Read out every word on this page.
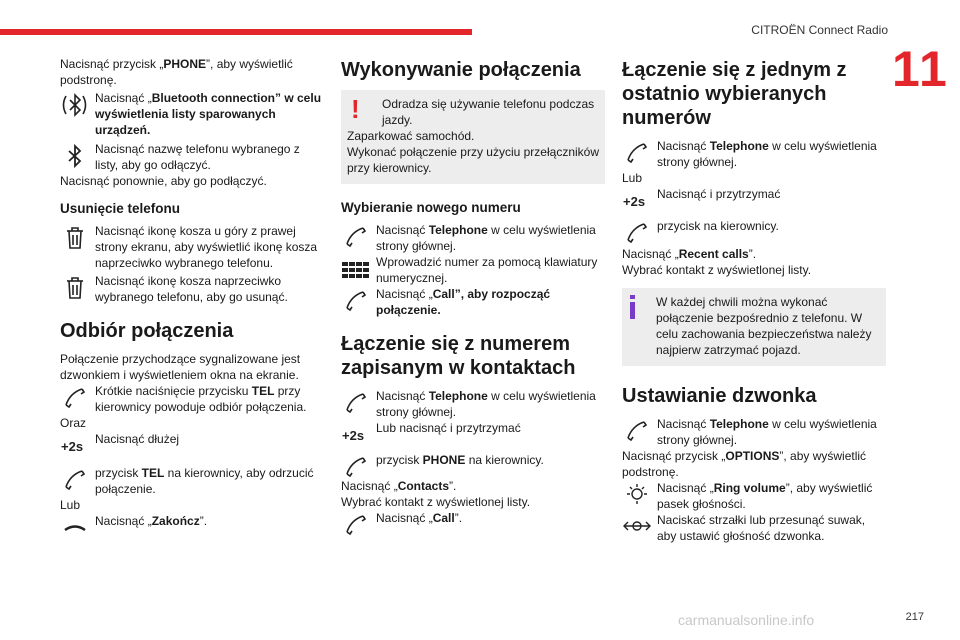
CITROËN Connect Radio
11

Nacisnąć przycisk „PHONE”, aby wyświetlić podstronę.

Nacisnąć „Bluetooth connection” w celu wyświetlenia listy sparowanych urządzeń.

Nacisnąć nazwę telefonu wybranego z listy, aby go odłączyć.

Nacisnąć ponownie, aby go podłączyć.

Usunięcie telefonu

Nacisnąć ikonę kosza u góry z prawej strony ekranu, aby wyświetlić ikonę kosza naprzeciwko wybranego telefonu.

Nacisnąć ikonę kosza naprzeciwko wybranego telefonu, aby go usunąć.

Odbiór połączenia

Połączenie przychodzące sygnalizowane jest dzwonkiem i wyświetleniem okna na ekranie.

Krótkie naciśnięcie przycisku TEL przy kierownicy powoduje odbiór połączenia.

Oraz

+2s Nacisnąć dłużej

przycisk TEL na kierownicy, aby odrzucić połączenie.

Lub

Nacisnąć „Zakończ”.

Wykonywanie połączenia
!	Odradza się używanie telefonu podczas jazdy.

Zaparkować samochód.

Wykonać połączenie przy użyciu przełączników przy kierownicy.

Wybieranie nowego numeru

Nacisnąć Telephone w celu wyświetlenia strony głównej.

Wprowadzić numer za pomocą klawiatury numerycznej.

Nacisnąć „Call”, aby rozpocząć połączenie.

Łączenie się z numerem zapisanym w kontaktach

Nacisnąć Telephone w celu wyświetlenia strony głównej.

+2s Lub nacisnąć i przytrzymać

przycisk PHONE na kierownicy.

Nacisnąć „Contacts”.

Wybrać kontakt z wyświetlonej listy.

Nacisnąć „Call”.

Łączenie się z jednym z ostatnio wybieranych numerów

Nacisnąć Telephone w celu wyświetlenia strony głównej.

Lub

+2s Nacisnąć i przytrzymać

przycisk na kierownicy.

Nacisnąć „Recent calls”.

Wybrać kontakt z wyświetlonej listy.

W każdej chwili można wykonać połączenie bezpośrednio z telefonu. W celu zachowania bezpieczeństwa należy najpierw zatrzymać pojazd.

Ustawianie dzwonka

Nacisnąć Telephone w celu wyświetlenia strony głównej.

Nacisnąć przycisk „OPTIONS”, aby wyświetlić podstronę.

Nacisnąć „Ring volume”, aby wyświetlić pasek głośności.

Naciskać strzałki lub przesunąć suwak, aby ustawić głośność dzwonka.

carmanualsonline.info	217
